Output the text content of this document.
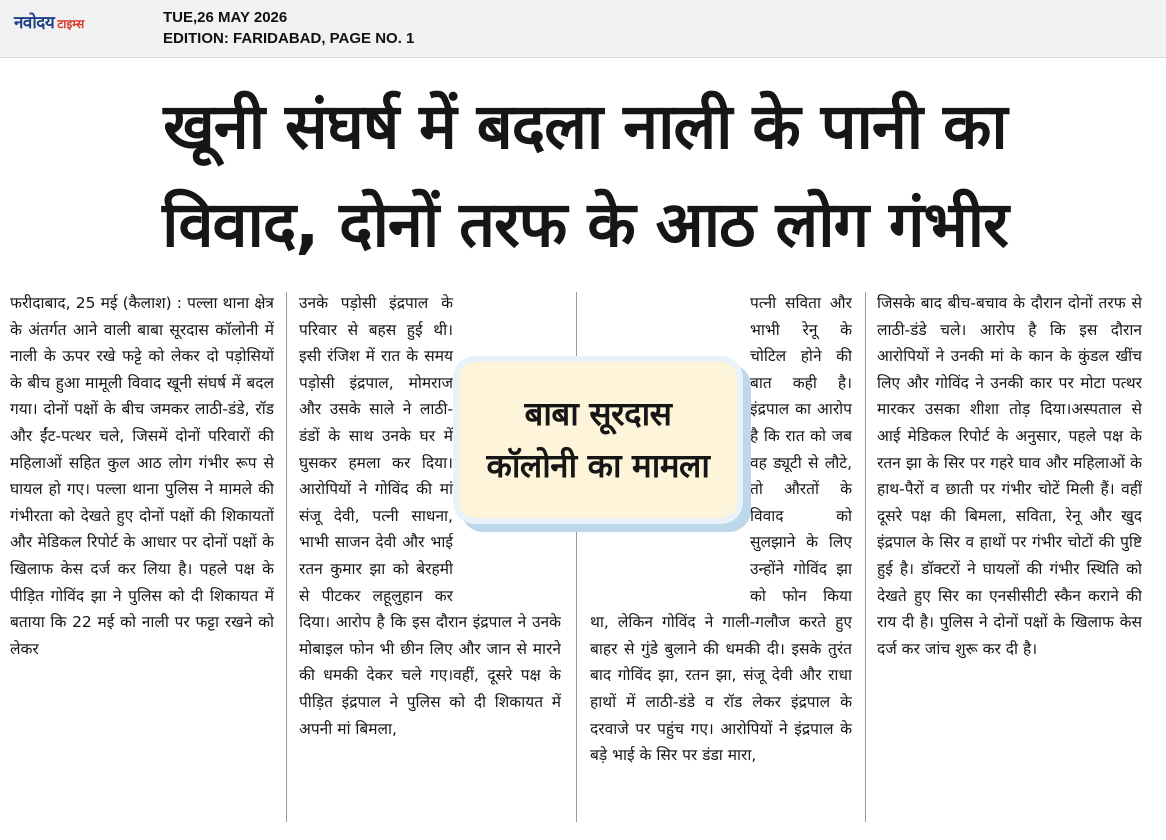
नवोदय टाइम्स	TUE,26 MAY 2026
EDITION: FARIDABAD, PAGE NO. 1
खूनी संघर्ष में बदला नाली के पानी का
विवाद, दोनों तरफ के आठ लोग गंभीर

फरीदाबाद, 25 मई (कैलाश) : पल्ला थाना क्षेत्र के अंतर्गत आने वाली बाबा सूरदास कॉलोनी में नाली के ऊपर रखे फट्टे को लेकर दो पड़ोसियों के बीच हुआ मामूली विवाद खूनी संघर्ष में बदल गया। दोनों पक्षों के बीच जमकर लाठी-डंडे, रॉड और ईंट-पत्थर चले, जिसमें दोनों परिवारों की महिलाओं सहित कुल आठ लोग गंभीर रूप से घायल हो गए। पल्ला थाना पुलिस ने मामले की गंभीरता को देखते हुए दोनों पक्षों की शिकायतों और मेडिकल रिपोर्ट के आधार पर दोनों पक्षों के खिलाफ केस दर्ज कर लिया है। पहले पक्ष के पीड़ित गोविंद झा ने पुलिस को दी शिकायत में बताया कि 22 मई को नाली पर फट्टा रखने को लेकर

उनके पड़ोसी इंद्रपाल के परिवार से बहस हुई थी। इसी रंजिश में रात के समय पड़ोसी इंद्रपाल, मोमराज और उसके साले ने लाठी-डंडों के साथ उनके घर में घुसकर हमला कर दिया। आरोपियों ने गोविंद की मां संजू देवी, पत्नी साधना, भाभी साजन देवी और भाई रतन कुमार झा को बेरहमी से पीटकर लहूलुहान कर दिया। आरोप है कि इस दौरान इंद्रपाल ने उनके मोबाइल फोन भी छीन लिए और जान से मारने की धमकी देकर चले गए।वहीं, दूसरे पक्ष के पीड़ित इंद्रपाल ने पुलिस को दी शिकायत में अपनी मां बिमला,

पत्नी सविता और भाभी रेनू के चोटिल होने की बात कही है। इंद्रपाल का आरोप है कि रात को जब वह ड्यूटी से लौटे, तो औरतों के विवाद को सुलझाने के लिए उन्होंने गोविंद झा को फोन किया था, लेकिन गोविंद ने गाली-गलौज करते हुए बाहर से गुंडे बुलाने की धमकी दी। इसके तुरंत बाद गोविंद झा, रतन झा, संजू देवी और राधा हाथों में लाठी-डंडे व रॉड लेकर इंद्रपाल के दरवाजे पर पहुंच गए। आरोपियों ने इंद्रपाल के बड़े भाई के सिर पर डंडा मारा,

जिसके बाद बीच-बचाव के दौरान दोनों तरफ से लाठी-डंडे चले। आरोप है कि इस दौरान आरोपियों ने उनकी मां के कान के कुंडल खींच लिए और गोविंद ने उनकी कार पर मोटा पत्थर मारकर उसका शीशा तोड़ दिया।अस्पताल से आई मेडिकल रिपोर्ट के अनुसार, पहले पक्ष के रतन झा के सिर पर गहरे घाव और महिलाओं के हाथ-पैरों व छाती पर गंभीर चोटें मिली हैं। वहीं दूसरे पक्ष की बिमला, सविता, रेनू और खुद इंद्रपाल के सिर व हाथों पर गंभीर चोटों की पुष्टि हुई है। डॉक्टरों ने घायलों की गंभीर स्थिति को देखते हुए सिर का एनसीसीटी स्कैन कराने की राय दी है। पुलिस ने दोनों पक्षों के खिलाफ केस दर्ज कर जांच शुरू कर दी है।

बाबा सूरदास
कॉलोनी का मामला
